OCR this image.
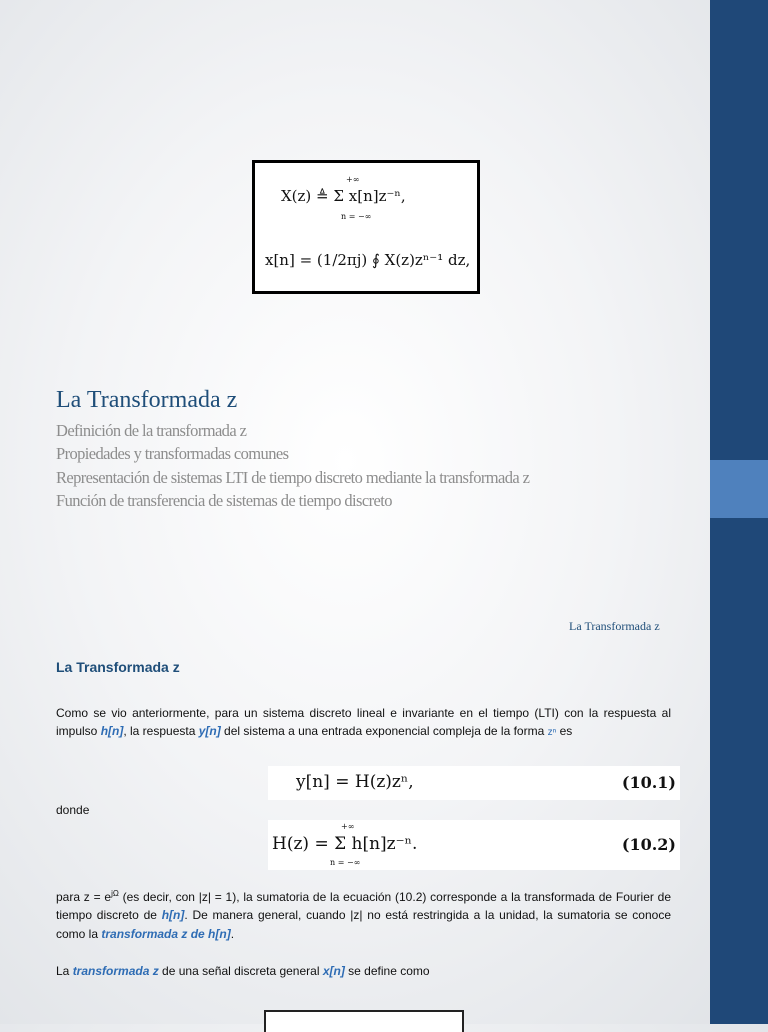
X(z) ≜ Σ x[n]z⁻ⁿ,
+∞
n = −∞
x[n] = (1/2πj) ∮ X(z)zⁿ⁻¹ dz,
La Transformada z
Definición de la transformada z
Propiedades y transformadas comunes
Representación de sistemas LTI de tiempo discreto mediante la transformada z
Función de transferencia de sistemas de tiempo discreto
La Transformada z
La Transformada z
Como se vio anteriormente, para un sistema discreto lineal e invariante en el tiempo (LTI) con la respuesta al impulso h[n], la respuesta y[n] del sistema a una entrada exponencial compleja de la forma zⁿ es
y[n] = H(z)zⁿ,	(10.1)
donde
H(z) = Σ h[n]z⁻ⁿ.
+∞
n = −∞
(10.2)
para $z = e^{j\Omega}$ (es decir, con |z| = 1), la sumatoria de la ecuación (10.2) corresponde a la transformada de Fourier de tiempo discreto de h[n]. De manera general, cuando |z| no está restringida a la unidad, la sumatoria se conoce como la transformada z de h[n].
La transformada z de una señal discreta general x[n] se define como
